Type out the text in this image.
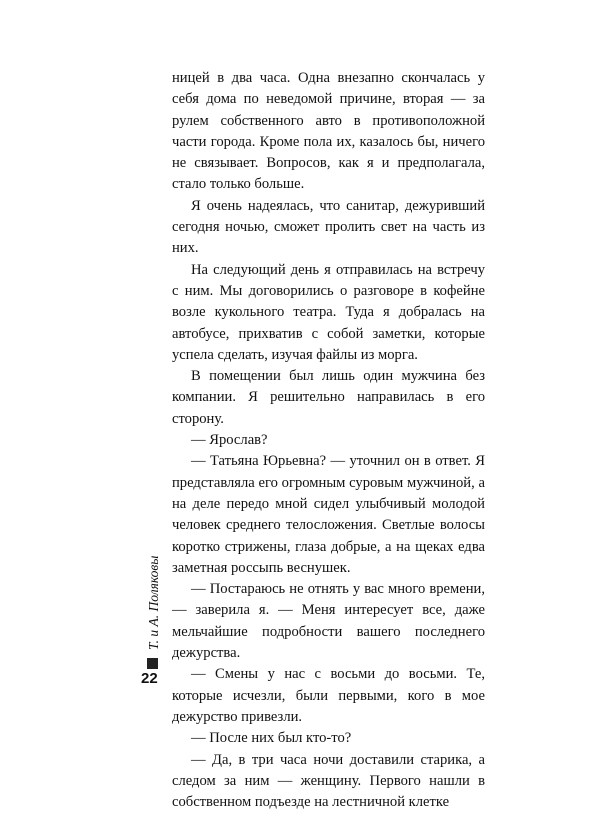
ницей в два часа. Одна внезапно скончалась у себя дома по неведомой причине, вторая — за рулем собственного авто в противоположной части города. Кроме пола их, казалось бы, ничего не связывает. Вопросов, как я и предполагала, стало только больше.

Я очень надеялась, что санитар, дежуривший сегодня ночью, сможет пролить свет на часть из них.

На следующий день я отправилась на встречу с ним. Мы договорились о разговоре в кофейне возле кукольного театра. Туда я добралась на автобусе, прихватив с собой заметки, которые успела сделать, изучая файлы из морга.

В помещении был лишь один мужчина без компании. Я решительно направилась в его сторону.

— Ярослав?

— Татьяна Юрьевна? — уточнил он в ответ. Я представляла его огромным суровым мужчиной, а на деле передо мной сидел улыбчивый молодой человек среднего телосложения. Светлые волосы коротко стрижены, глаза добрые, а на щеках едва заметная россыпь веснушек.

— Постараюсь не отнять у вас много времени, — заверила я. — Меня интересует все, даже мельчайшие подробности вашего последнего дежурства.

— Смены у нас с восьми до восьми. Те, которые исчезли, были первыми, кого в мое дежурство привезли.

— После них был кто-то?

— Да, в три часа ночи доставили старика, а следом за ним — женщину. Первого нашли в собственном подъезде на лестничной клетке

Т. и А. Поляковы
22
